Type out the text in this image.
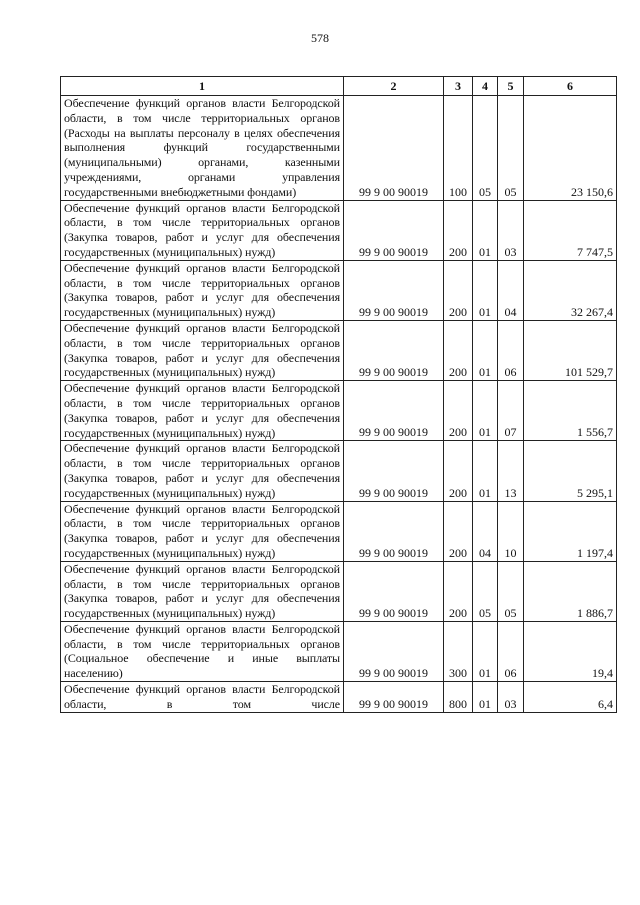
578
1	2	3	4	5	6
Обеспечение функций органов власти Белгородской области, в том числе территориальных органов (Расходы на выплаты персоналу в целях обеспечения выполнения функций государственными (муниципальными) органами, казенными учреждениями, органами управления государственными внебюджетными фондами)	99 9 00 90019	100	05	05	23 150,6
Обеспечение функций органов власти Белгородской области, в том числе территориальных органов (Закупка товаров, работ и услуг для обеспечения государственных (муниципальных) нужд)	99 9 00 90019	200	01	03	7 747,5
Обеспечение функций органов власти Белгородской области, в том числе территориальных органов (Закупка товаров, работ и услуг для обеспечения государственных (муниципальных) нужд)	99 9 00 90019	200	01	04	32 267,4
Обеспечение функций органов власти Белгородской области, в том числе территориальных органов (Закупка товаров, работ и услуг для обеспечения государственных (муниципальных) нужд)	99 9 00 90019	200	01	06	101 529,7
Обеспечение функций органов власти Белгородской области, в том числе территориальных органов (Закупка товаров, работ и услуг для обеспечения государственных (муниципальных) нужд)	99 9 00 90019	200	01	07	1 556,7
Обеспечение функций органов власти Белгородской области, в том числе территориальных органов (Закупка товаров, работ и услуг для обеспечения государственных (муниципальных) нужд)	99 9 00 90019	200	01	13	5 295,1
Обеспечение функций органов власти Белгородской области, в том числе территориальных органов (Закупка товаров, работ и услуг для обеспечения государственных (муниципальных) нужд)	99 9 00 90019	200	04	10	1 197,4
Обеспечение функций органов власти Белгородской области, в том числе территориальных органов (Закупка товаров, работ и услуг для обеспечения государственных (муниципальных) нужд)	99 9 00 90019	200	05	05	1 886,7
Обеспечение функций органов власти Белгородской области, в том числе территориальных органов (Социальное обеспечение и иные выплаты населению)	99 9 00 90019	300	01	06	19,4
Обеспечение функций органов власти Белгородской области, в том числе	99 9 00 90019	800	01	03	6,4
